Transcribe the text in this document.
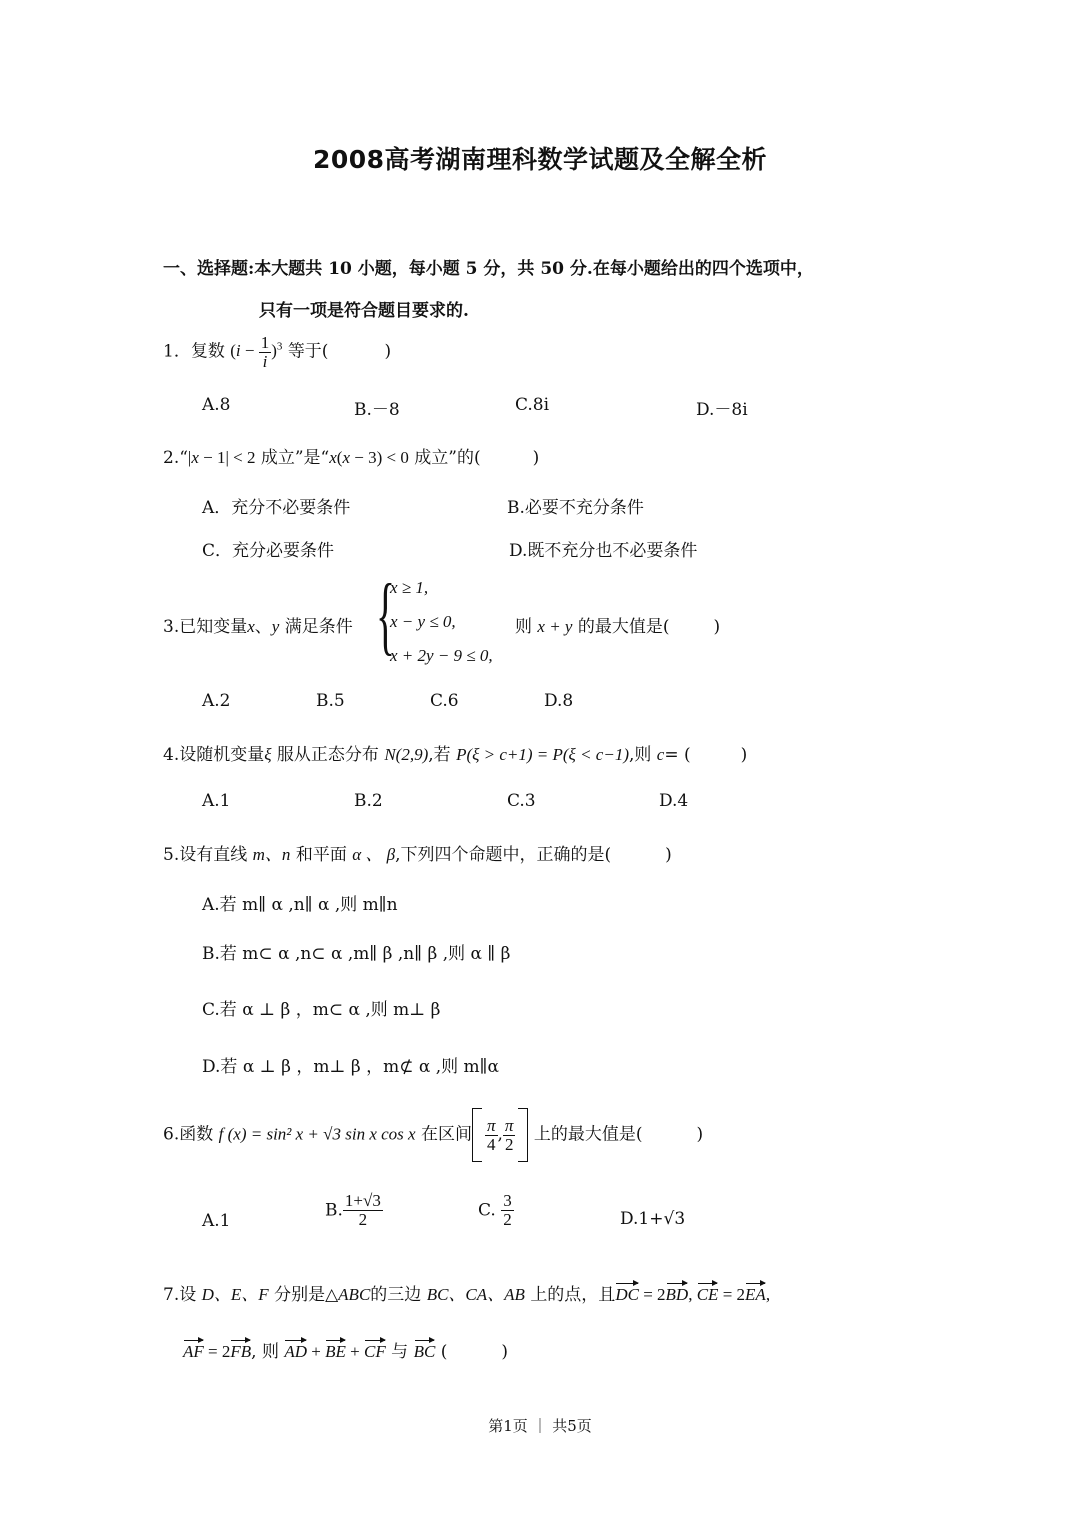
2008高考湖南理科数学试题及全解全析
一、选择题:本大题共 10 小题，每小题 5 分，共 50 分.在每小题给出的四个选项中，
只有一项是符合题目要求的.
1．复数 $(i - \frac{1}{i} )^3$ 等于(	)
A.8	B.－8	C.8i	D.－8i
2.“|x − 1| < 2 成立”是“x(x − 3) < 0 成立”的(	)
A．充分不必要条件	B.必要不充分条件
C．充分必要条件	D.既不充分也不必要条件
3.已知变量x、y 满足条件 {
x ≥ 1,
x − y ≤ 0,
x + 2y − 9 ≤ 0,
则 x + y 的最大值是(	)
A.2	B.5	C.6	D.8
4.设随机变量ξ 服从正态分布 N(2,9),若 P(ξ > c+1) = P(ξ < c−1),则 c= (	)
A.1	B.2	C.3	D.4
5.设有直线 m、n 和平面 α 、 β,下列四个命题中，正确的是(	)
A.若 m∥ α ,n∥ α ,则 m∥n
B.若 m⊂ α ,n⊂ α ,m∥ β ,n∥ β ,则 α ∥ β
C.若 α ⊥ β ，m⊂ α ,则 m⊥ β
D.若 α ⊥ β ，m⊥ β ，m⊄ α ,则 m∥α
6.函数 f (x) = sin² x + √3 sin x cos x 在区间 $\frac{\pi}{4}$ , $\frac{\pi}{2}$ 上的最大值是(	)
A.1
B. $\frac{1+√3}{2}$	C. $\frac{3}{2}$	D.1+√3
7.设 D、E、F 分别是△ABC的三边 BC、CA、AB 上的点，且DC = 2BD, CE = 2EA,
AF = 2FB, 则 AD + BE + CF 与 BC (	)
第1页 ｜ 共5页
